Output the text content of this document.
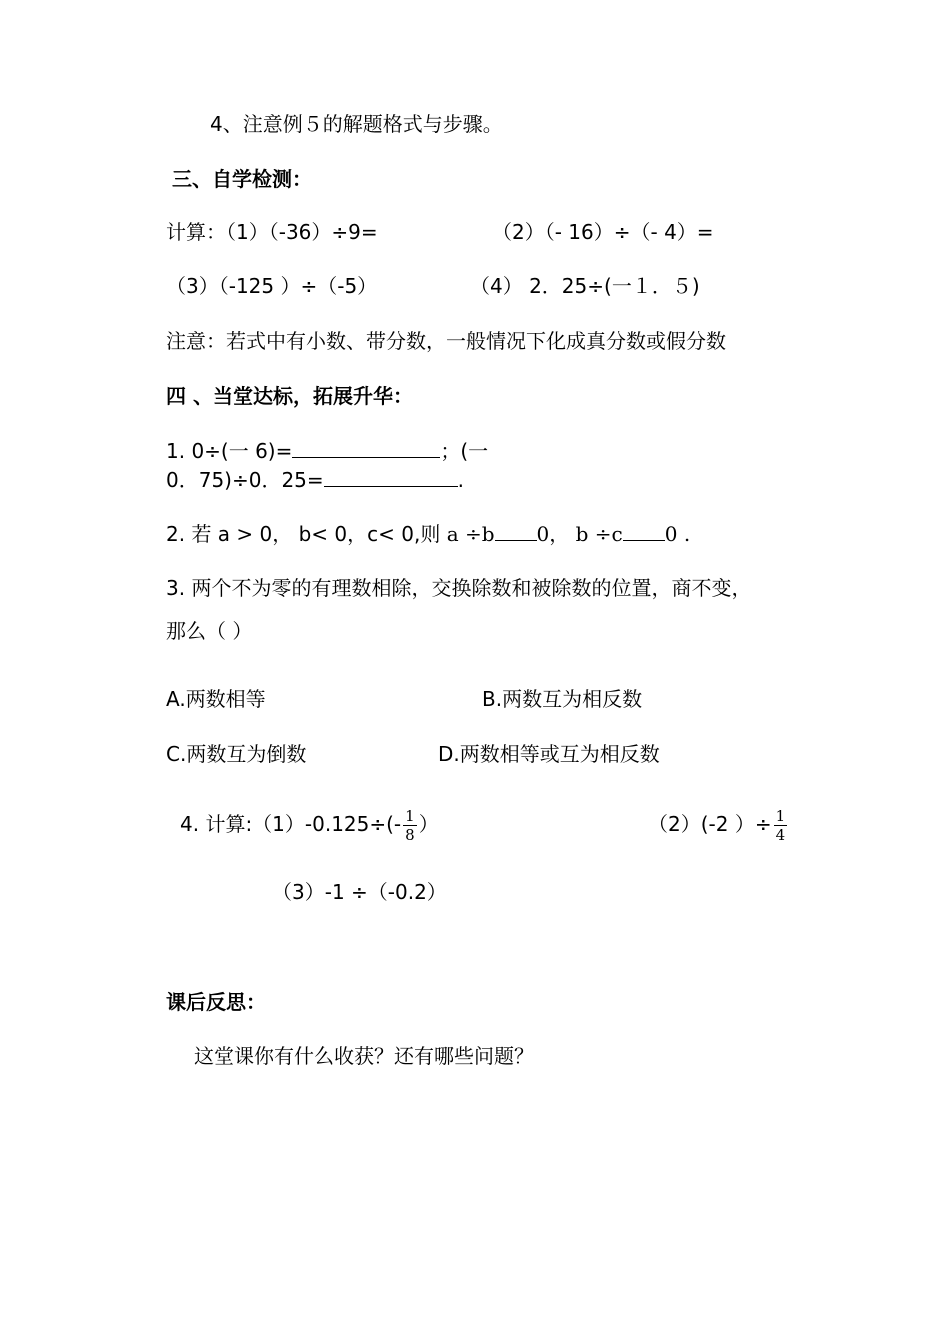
4、注意例５的解题格式与步骤。
三、自学检测：
计算：（1）（-36）÷9=	（2）（- 16）÷（- 4）=
（3）（-125 ）÷（-5）	（4） 2．25÷(一１．５)
注意：若式中有小数、带分数，一般情况下化成真分数或假分数
四 、当堂达标，拓展升华：
1. 0÷(一 6)=	；(一
0．75)÷0．25=	.
2. 若 a > 0， b< 0，c< 0,则 a ÷b 0， b ÷c 0 .
3. 两个不为零的有理数相除，交换除数和被除数的位置，商不变，
那么（ ）
A.两数相等	B.两数互为相反数
C.两数互为倒数	D.两数相等或互为相反数
4. 计算:（1）-0.125÷(- $\frac{1}{8}$ ）	（2）(-2 ）÷ $\frac{1}{4}$
（3）-1 ÷（-0.2）
课后反思：
这堂课你有什么收获？还有哪些问题？
